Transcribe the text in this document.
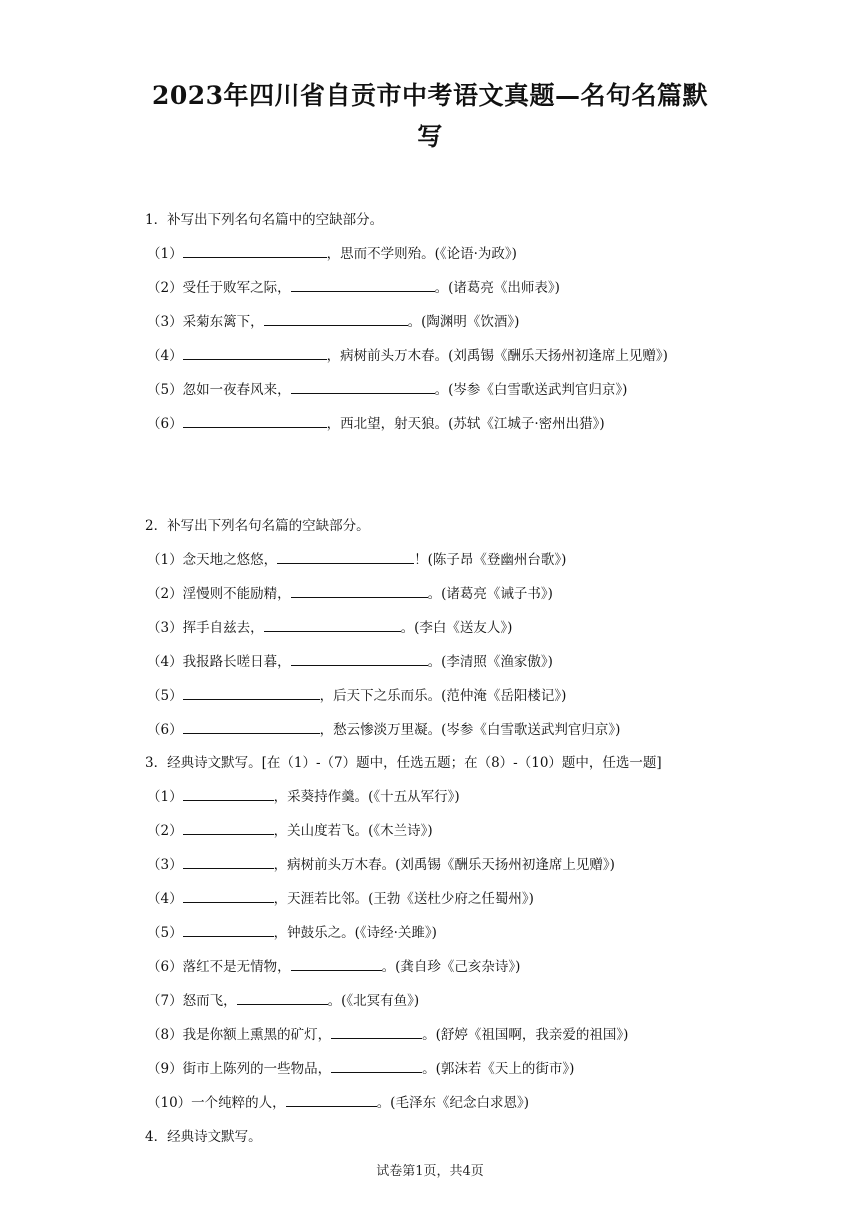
2023年四川省自贡市中考语文真题—名句名篇默
写
1．补写出下列名句名篇中的空缺部分。
（1）	，思而不学则殆。(《论语·为政》)
（2）受任于败军之际，	。(诸葛亮《出师表》)
（3）采菊东篱下，	。(陶渊明《饮酒》)
（4）	，病树前头万木春。(刘禹锡《酬乐天扬州初逢席上见赠》)
（5）忽如一夜春风来，	。(岑参《白雪歌送武判官归京》)
（6）	，西北望，射天狼。(苏轼《江城子·密州出猎》)
2．补写出下列名句名篇的空缺部分。
（1）念天地之悠悠，	！(陈子昂《登幽州台歌》)
（2）淫慢则不能励精，	。(诸葛亮《诫子书》)
（3）挥手自兹去，	。(李白《送友人》)
（4）我报路长嗟日暮，	。(李清照《渔家傲》)
（5）	，后天下之乐而乐。(范仲淹《岳阳楼记》)
（6）	，愁云惨淡万里凝。(岑参《白雪歌送武判官归京》)
3．经典诗文默写。[在（1）-（7）题中，任选五题；在（8）-（10）题中，任选一题]
（1）	，采葵持作羹。(《十五从军行》)
（2）	，关山度若飞。(《木兰诗》)
（3）	，病树前头万木春。(刘禹锡《酬乐天扬州初逢席上见赠》)
（4）	，天涯若比邻。(王勃《送杜少府之任蜀州》)
（5）	，钟鼓乐之。(《诗经·关雎》)
（6）落红不是无情物，	。(龚自珍《己亥杂诗》)
（7）怒而飞，	。(《北冥有鱼》)
（8）我是你额上熏黑的矿灯，	。(舒婷《祖国啊，我亲爱的祖国》)
（9）街市上陈列的一些物品，	。(郭沫若《天上的街市》)
（10）一个纯粹的人，	。(毛泽东《纪念白求恩》)
4．经典诗文默写。
试卷第1页，共4页
